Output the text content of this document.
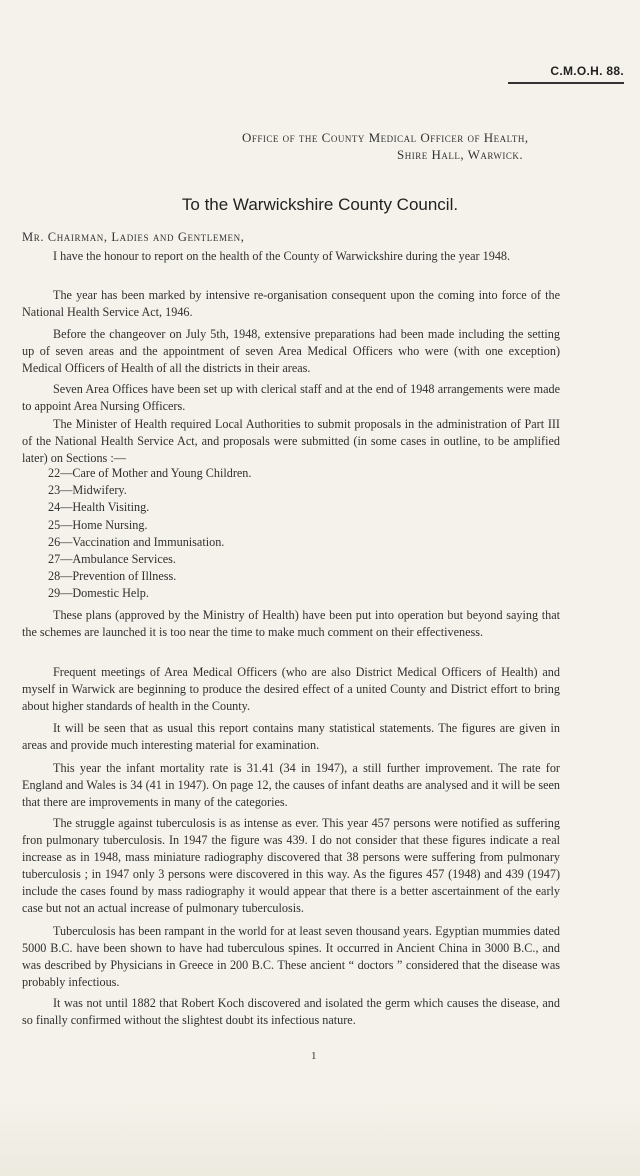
C.M.O.H. 88.
Office of the County Medical Officer of Health,
Shire Hall, Warwick.
To the Warwickshire County Council.
Mr. Chairman, Ladies and Gentlemen,
I have the honour to report on the health of the County of Warwickshire during the year 1948.
The year has been marked by intensive re-organisation consequent upon the coming into force of the National Health Service Act, 1946.
Before the changeover on July 5th, 1948, extensive preparations had been made including the setting up of seven areas and the appointment of seven Area Medical Officers who were (with one exception) Medical Officers of Health of all the districts in their areas.
Seven Area Offices have been set up with clerical staff and at the end of 1948 arrangements were made to appoint Area Nursing Officers.
The Minister of Health required Local Authorities to submit proposals in the administration of Part III of the National Health Service Act, and proposals were submitted (in some cases in outline, to be amplified later) on Sections :—
22—Care of Mother and Young Children.
23—Midwifery.
24—Health Visiting.
25—Home Nursing.
26—Vaccination and Immunisation.
27—Ambulance Services.
28—Prevention of Illness.
29—Domestic Help.
These plans (approved by the Ministry of Health) have been put into operation but beyond saying that the schemes are launched it is too near the time to make much comment on their effectiveness.
Frequent meetings of Area Medical Officers (who are also District Medical Officers of Health) and myself in Warwick are beginning to produce the desired effect of a united County and District effort to bring about higher standards of health in the County.
It will be seen that as usual this report contains many statistical statements. The figures are given in areas and provide much interesting material for examination.
This year the infant mortality rate is 31.41 (34 in 1947), a still further improvement. The rate for England and Wales is 34 (41 in 1947). On page 12, the causes of infant deaths are analysed and it will be seen that there are improvements in many of the categories.
The struggle against tuberculosis is as intense as ever. This year 457 persons were notified as suffering fron pulmonary tuberculosis. In 1947 the figure was 439. I do not consider that these figures indicate a real increase as in 1948, mass miniature radiography discovered that 38 persons were suffering from pulmonary tuberculosis ; in 1947 only 3 persons were discovered in this way. As the figures 457 (1948) and 439 (1947) include the cases found by mass radiography it would appear that there is a better ascertainment of the early case but not an actual increase of pulmonary tuberculosis.
Tuberculosis has been rampant in the world for at least seven thousand years. Egyptian mummies dated 5000 B.C. have been shown to have had tuberculous spines. It occurred in Ancient China in 3000 B.C., and was described by Physicians in Greece in 200 B.C. These ancient “ doctors ” considered that the disease was probably infectious.
It was not until 1882 that Robert Koch discovered and isolated the germ which causes the disease, and so finally confirmed without the slightest doubt its infectious nature.
1
